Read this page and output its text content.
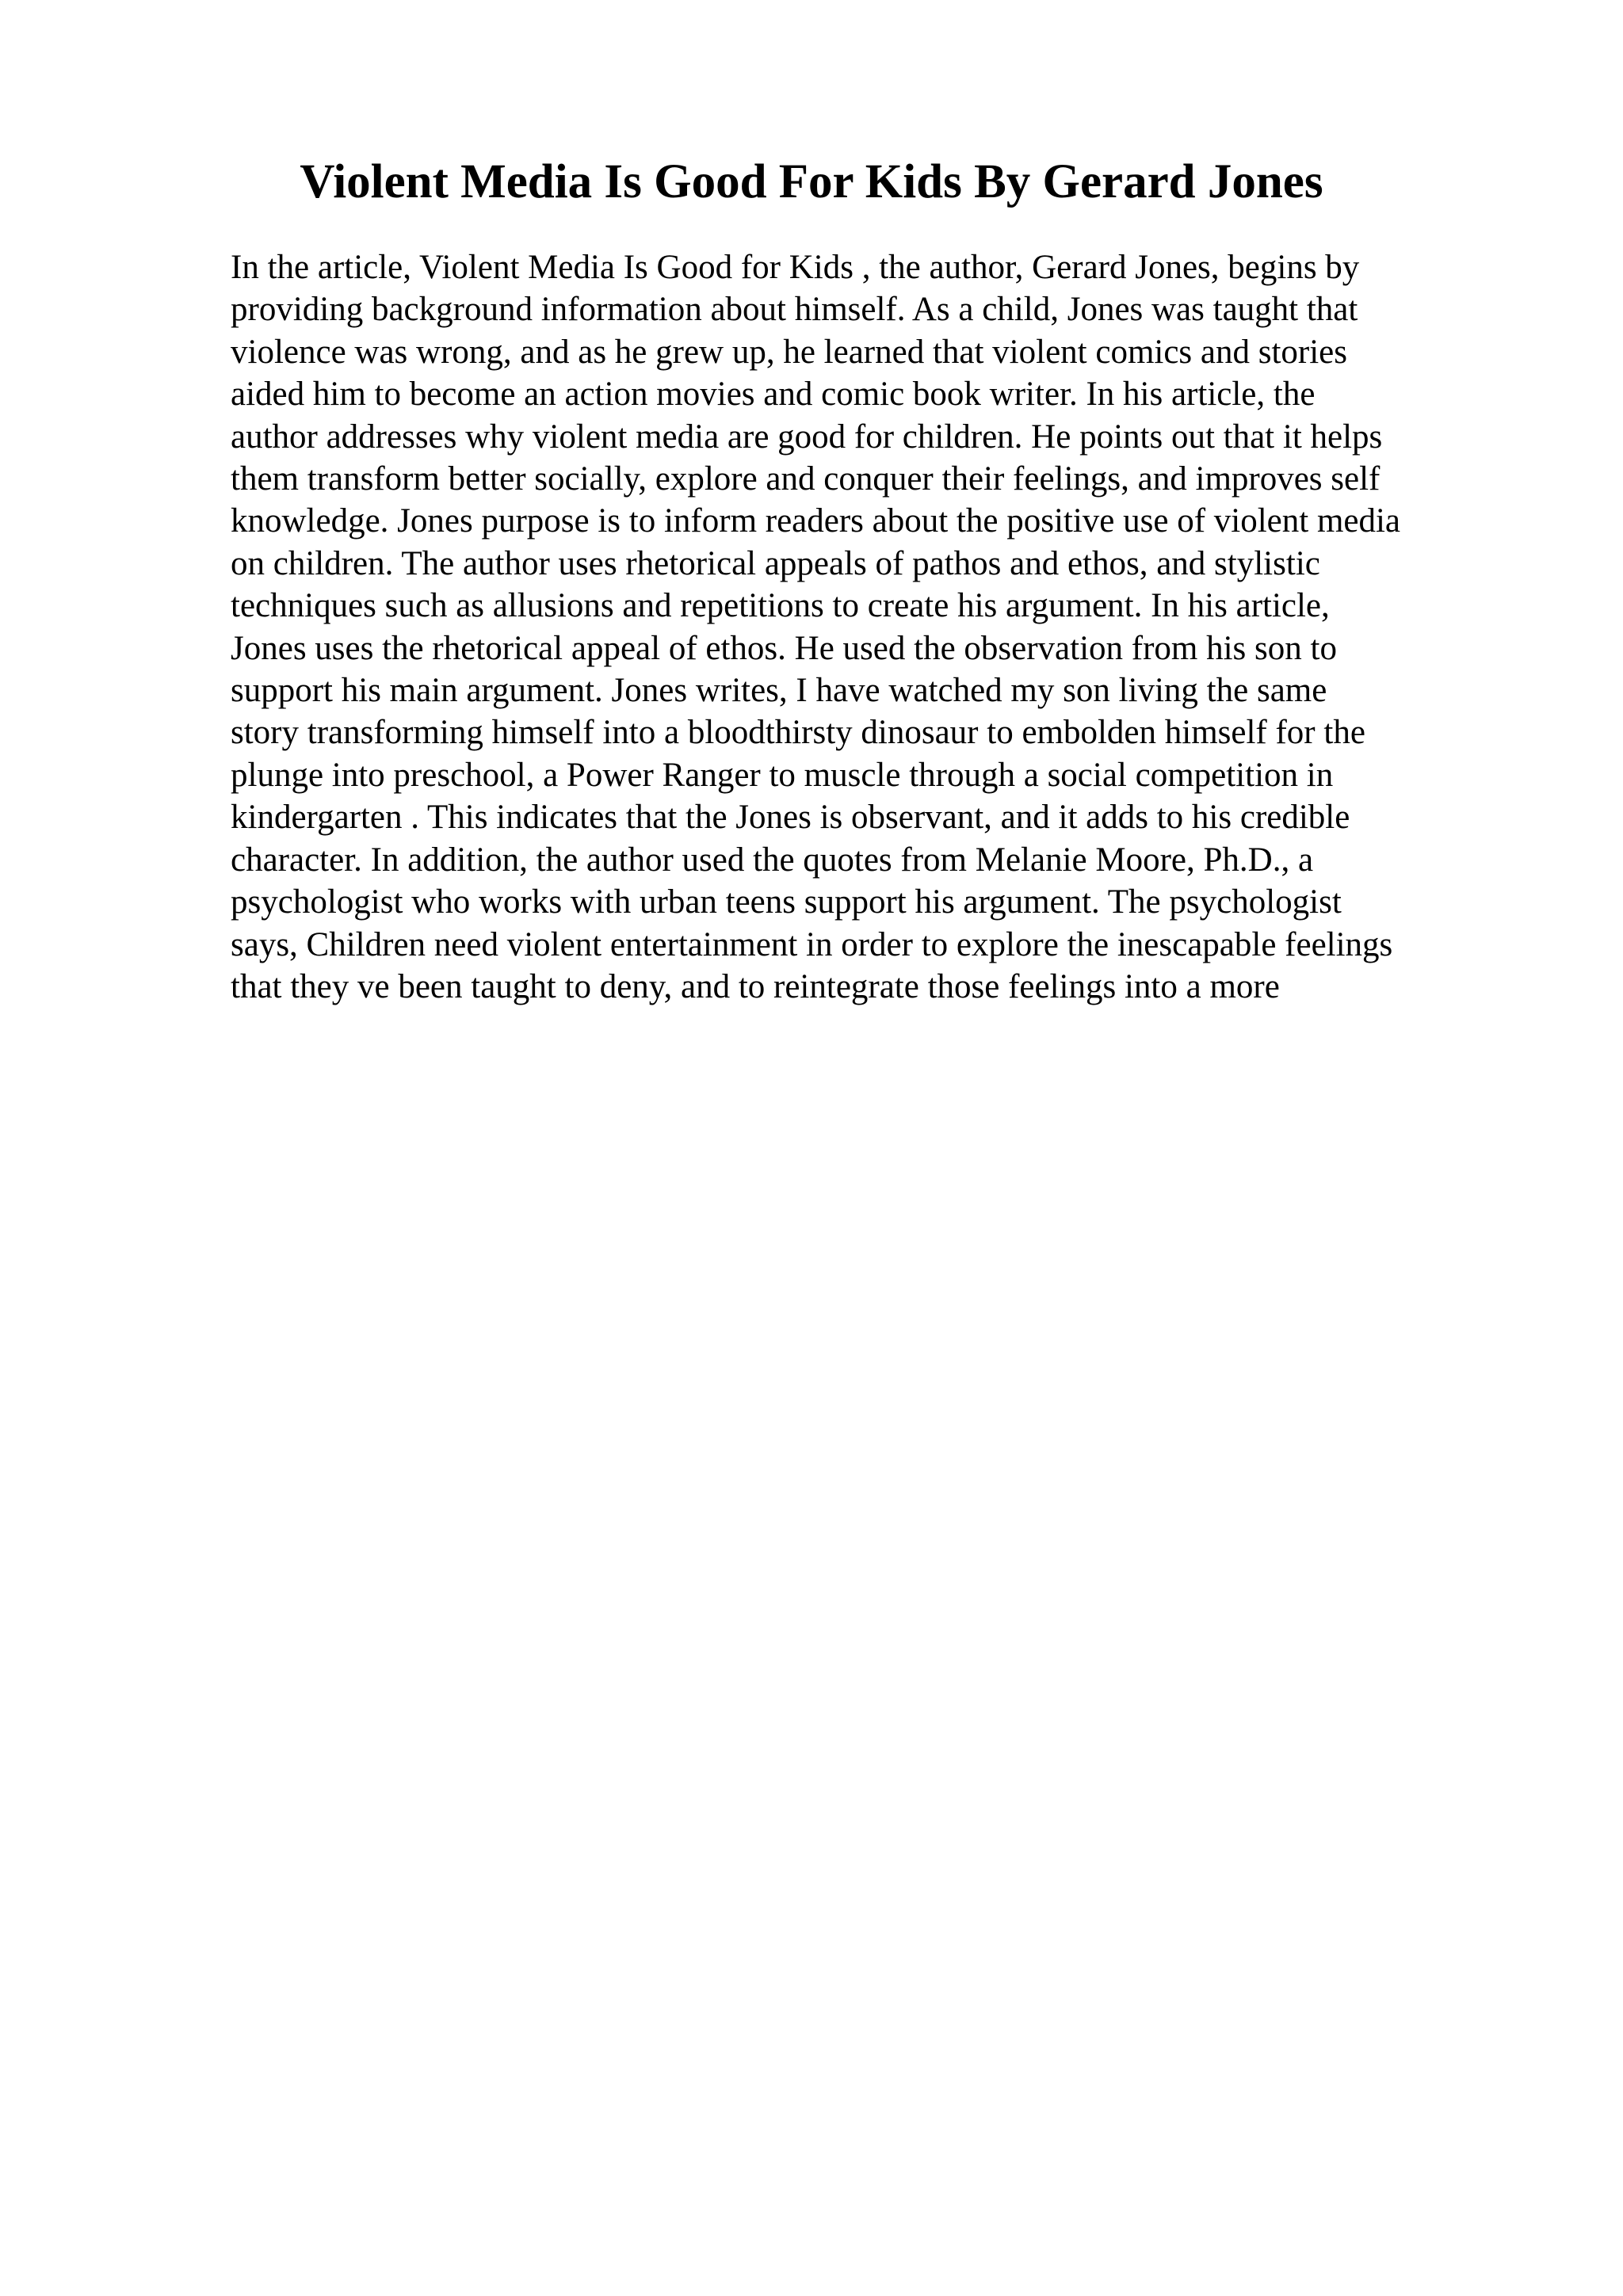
Violent Media Is Good For Kids By Gerard Jones
In the article, Violent Media Is Good for Kids , the author, Gerard Jones, begins by
providing background information about himself. As a child, Jones was taught that
violence was wrong, and as he grew up, he learned that violent comics and stories
aided him to become an action movies and comic book writer. In his article, the
author addresses why violent media are good for children. He points out that it helps
them transform better socially, explore and conquer their feelings, and improves self
knowledge. Jones purpose is to inform readers about the positive use of violent media
on children. The author uses rhetorical appeals of pathos and ethos, and stylistic
techniques such as allusions and repetitions to create his argument. In his article,
Jones uses the rhetorical appeal of ethos. He used the observation from his son to
support his main argument. Jones writes, I have watched my son living the same
story transforming himself into a bloodthirsty dinosaur to embolden himself for the
plunge into preschool, a Power Ranger to muscle through a social competition in
kindergarten . This indicates that the Jones is observant, and it adds to his credible
character. In addition, the author used the quotes from Melanie Moore, Ph.D., a
psychologist who works with urban teens support his argument. The psychologist
says, Children need violent entertainment in order to explore the inescapable feelings
that they ve been taught to deny, and to reintegrate those feelings into a more
